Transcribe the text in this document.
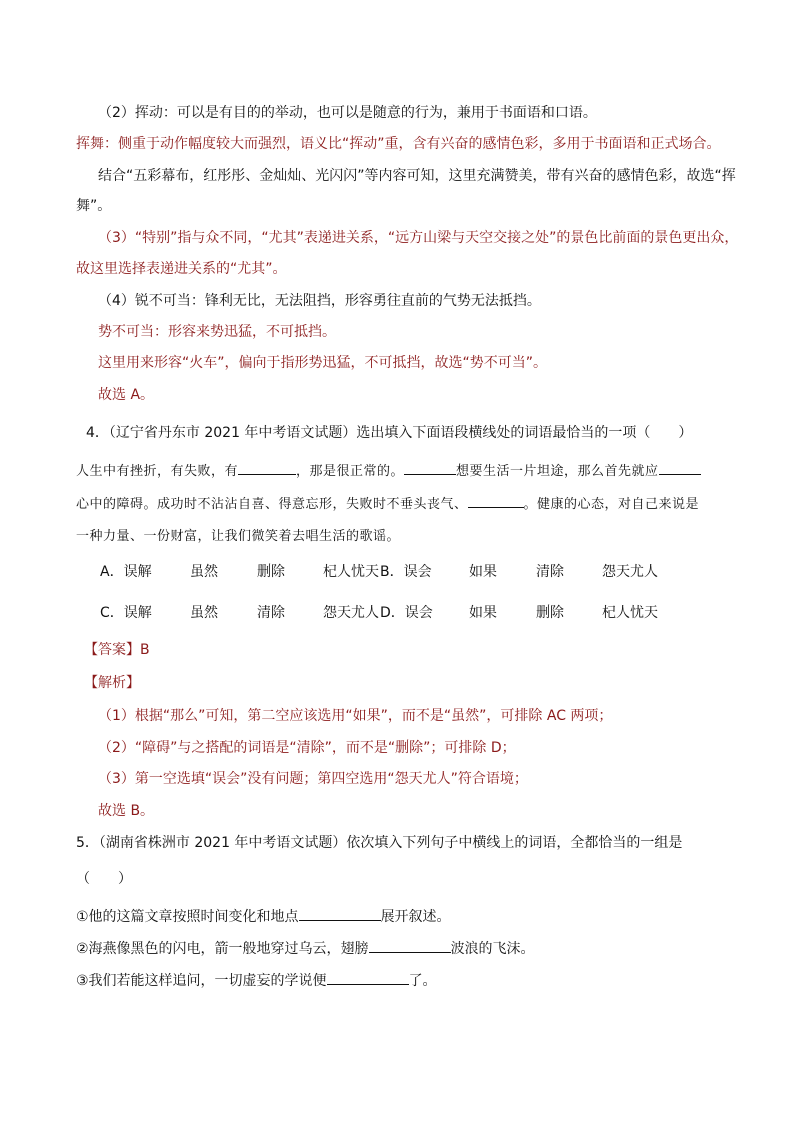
（2）挥动：可以是有目的的举动，也可以是随意的行为，兼用于书面语和口语。
挥舞：侧重于动作幅度较大而强烈，语义比“挥动”重，含有兴奋的感情色彩，多用于书面语和正式场合。
结合“五彩幕布，红彤彤、金灿灿、光闪闪”等内容可知，这里充满赞美，带有兴奋的感情色彩，故选“挥
舞”。
（3）“特别”指与众不同，“尤其”表递进关系，“远方山梁与天空交接之处”的景色比前面的景色更出众，
故这里选择表递进关系的“尤其”。
（4）锐不可当：锋利无比，无法阻挡，形容勇往直前的气势无法抵挡。
势不可当：形容来势迅猛，不可抵挡。
这里用来形容“火车”，偏向于指形势迅猛，不可抵挡，故选“势不可当”。
故选 A。
4．（辽宁省丹东市 2021 年中考语文试题）选出填入下面语段横线处的词语最恰当的一项（　　）
人生中有挫折，有失败，有	，那是很正常的。	想要生活一片坦途，那么首先就应
心中的障碍。成功时不沾沾自喜、得意忘形，失败时不垂头丧气、	。健康的心态，对自己来说是
一种力量、一份财富，让我们微笑着去唱生活的歌谣。
A．误解	虽然	删除	杞人忧天 B．误会	如果	清除	怨天尤人
C．误解	虽然	清除	怨天尤人 D．误会	如果	删除	杞人忧天
【答案】B
【解析】
（1）根据“那么”可知，第二空应该选用“如果”，而不是“虽然”，可排除 AC 两项；
（2）“障碍”与之搭配的词语是“清除”，而不是“删除”；可排除 D；
（3）第一空选填“误会”没有问题；第四空选用“怨天尤人”符合语境；
故选 B。
5．（湖南省株洲市 2021 年中考语文试题）依次填入下列句子中横线上的词语，全都恰当的一组是
（　　）
①他的这篇文章按照时间变化和地点	展开叙述。
②海燕像黑色的闪电，箭一般地穿过乌云，翅膀	波浪的飞沫。
③我们若能这样追问，一切虚妄的学说便	了。
